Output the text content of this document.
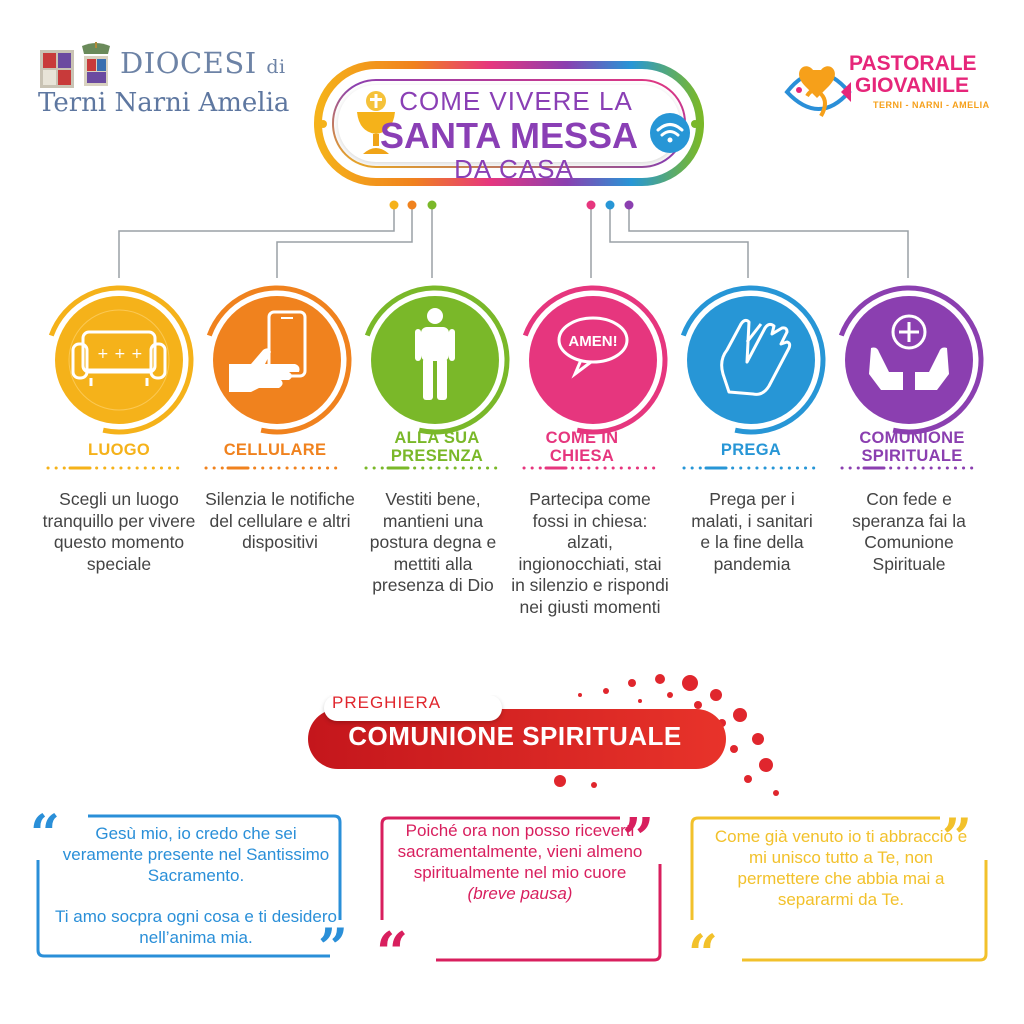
DIOCESI di
Terni Narni Amelia
PASTORALE
GIOVANILE
TERNI - NARNI - AMELIA
COME VIVERE LA
SANTA MESSA
DA CASA
+ + +
AMEN!
LUOGO	CELLULARE
ALLA SUA PRESENZA
COME IN CHIESA	PREGA
COMUNIONE SPIRITUALE
Scegli un luogo tranquillo per vivere questo momento speciale
Silenzia le notifiche del cellulare e altri dispositivi
Vestiti bene, mantieni una postura degna e mettiti alla presenza di Dio
Partecipa come fossi in chiesa: alzati, ingionocchiati, stai in silenzio e rispondi nei giusti momenti
Prega per i malati, i sanitari e la fine della pandemia
Con fede e speranza fai la Comunione Spirituale
PREGHIERA
COMUNIONE SPIRITUALE
“
”

Gesù mio, io credo che sei veramente presente nel Santissimo Sacramento.

Ti amo socpra ogni cosa e ti desidero nell’anima mia.

”
“

Poiché ora non posso riceverti sacramentalmente, vieni almeno spiritualmente nel mio cuore

(breve pausa)

”
“

Come già venuto io ti abbraccio e mi unisco tutto a Te, non permettere che abbia mai a separarmi da Te.
